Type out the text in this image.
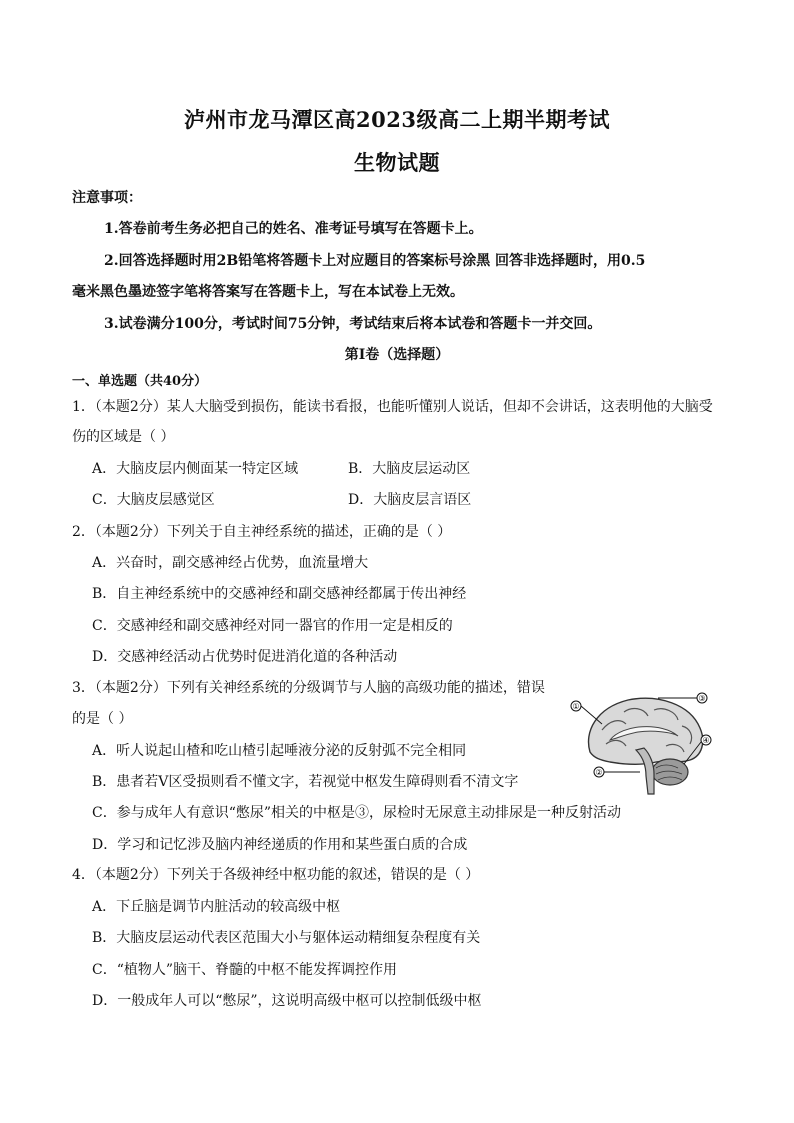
泸州市龙马潭区高2023级高二上期半期考试
生物试题
注意事项：
1.答卷前考生务必把自己的姓名、准考证号填写在答题卡上。
2.回答选择题时用2B铅笔将答题卡上对应题目的答案标号涂黑 回答非选择题时，用0.5
毫米黑色墨迹签字笔将答案写在答题卡上，写在本试卷上无效。
3.试卷满分100分，考试时间75分钟，考试结束后将本试卷和答题卡一并交回。
第Ⅰ卷（选择题）
一、单选题（共40分）
1．（本题2分）某人大脑受到损伤，能读书看报，也能听懂别人说话，但却不会讲话，这表明他的大脑受
伤的区域是（ ）
A．大脑皮层内侧面某一特定区域	B．大脑皮层运动区
C．大脑皮层感觉区	D．大脑皮层言语区
2．（本题2分）下列关于自主神经系统的描述，正确的是（ ）
A．兴奋时，副交感神经占优势，血流量增大
B．自主神经系统中的交感神经和副交感神经都属于传出神经
C．交感神经和副交感神经对同一器官的作用一定是相反的
D．交感神经活动占优势时促进消化道的各种活动
3．（本题2分）下列有关神经系统的分级调节与人脑的高级功能的描述，错误
的是（ ）
A．听人说起山楂和吃山楂引起唾液分泌的反射弧不完全相同
B．患者若V区受损则看不懂文字，若视觉中枢发生障碍则看不清文字
C．参与成年人有意识“憋尿”相关的中枢是③，尿检时无尿意主动排尿是一种反射活动
D．学习和记忆涉及脑内神经递质的作用和某些蛋白质的合成
①
②
③
④
4．（本题2分）下列关于各级神经中枢功能的叙述，错误的是（ ）
A．下丘脑是调节内脏活动的较高级中枢
B．大脑皮层运动代表区范围大小与躯体运动精细复杂程度有关
C．“植物人”脑干、脊髓的中枢不能发挥调控作用
D．一般成年人可以“憋尿”，这说明高级中枢可以控制低级中枢
